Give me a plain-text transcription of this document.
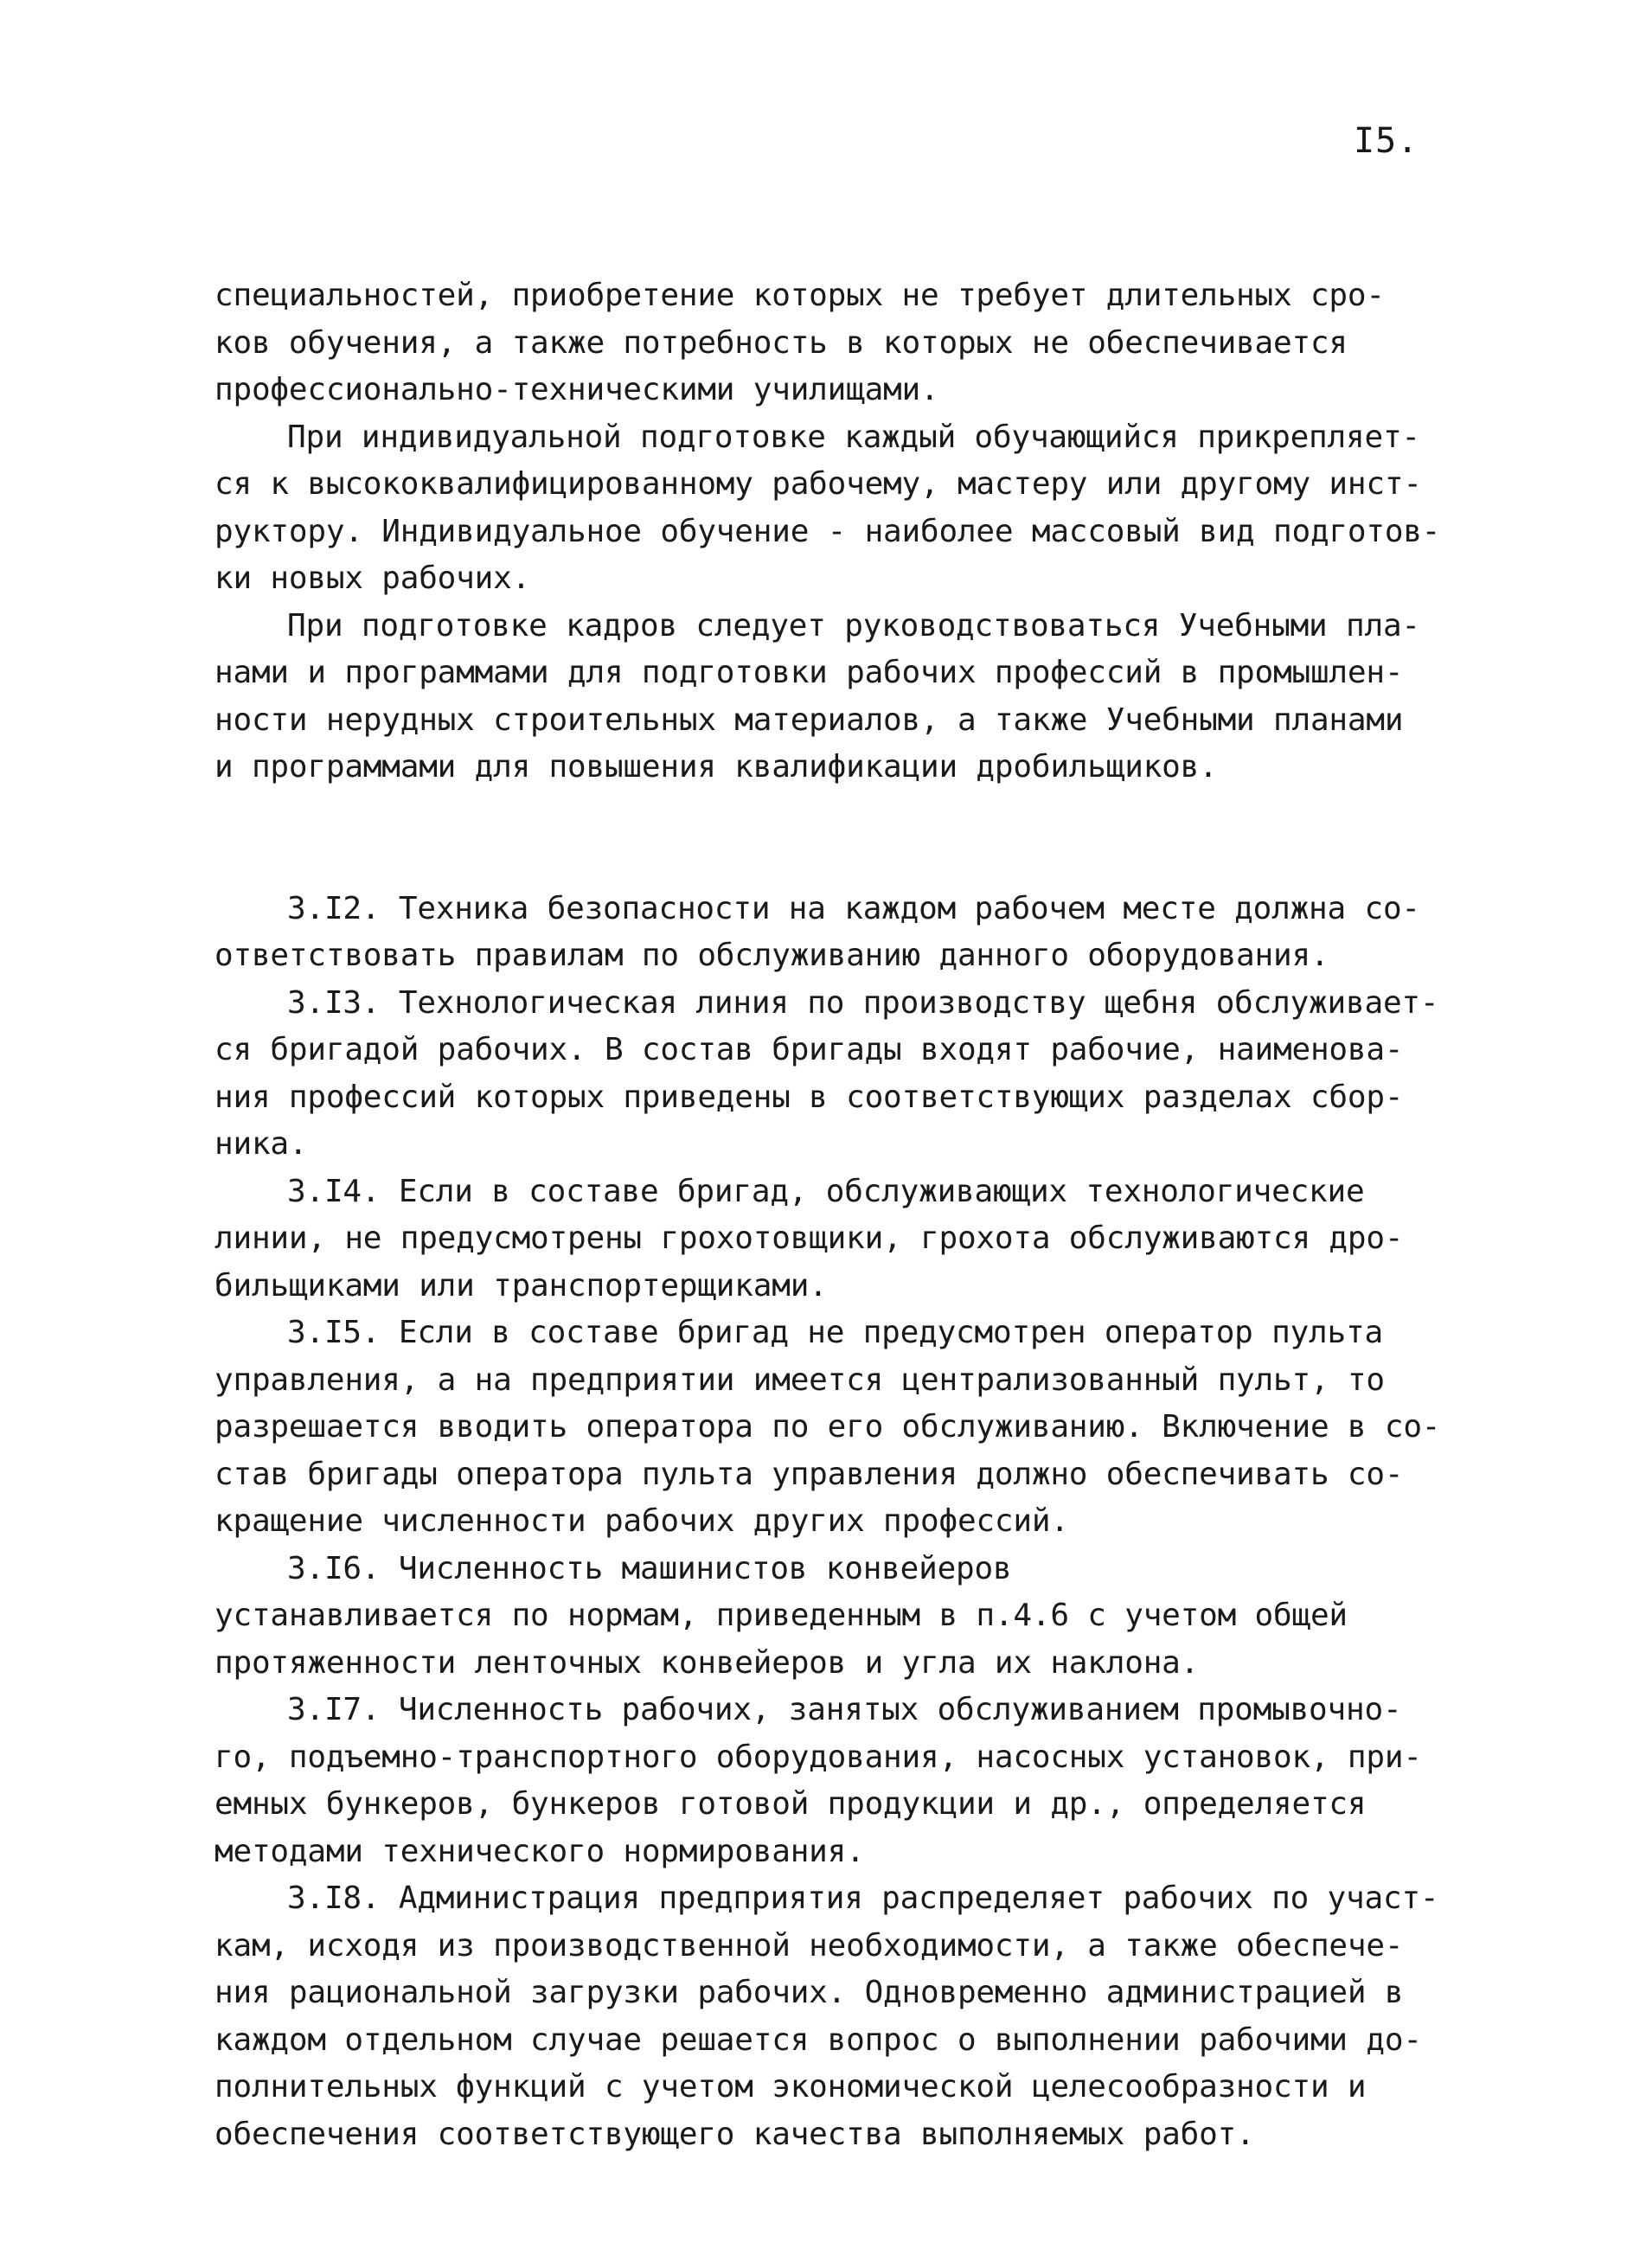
I5.
специальностей, приобретение которых не требует длительных сро-
ков обучения, а также потребность в которых не обеспечивается
профессионально-техническими училищами.
При индивидуальной подготовке каждый обучающийся прикрепляет-
ся к высококвалифицированному рабочему, мастеру или другому инст-
руктору. Индивидуальное обучение - наиболее массовый вид подготов-
ки новых рабочих.
При подготовке кадров следует руководствоваться Учебными пла-
нами и программами для подготовки рабочих профессий в промышлен-
ности нерудных строительных материалов, а также Учебными планами
и программами для повышения квалификации дробильщиков.
3.I2. Техника безопасности на каждом рабочем месте должна со-
ответствовать правилам по обслуживанию данного оборудования.
3.I3. Технологическая линия по производству щебня обслуживает-
ся бригадой рабочих. В состав бригады входят рабочие, наименова-
ния профессий которых приведены в соответствующих разделах сбор-
ника.
3.I4. Если в составе бригад, обслуживающих технологические
линии, не предусмотрены грохотовщики, грохота обслуживаются дро-
бильщиками или транспортерщиками.
3.I5. Если в составе бригад не предусмотрен оператор пульта
управления, а на предприятии имеется централизованный пульт, то
разрешается вводить оператора по его обслуживанию. Включение в со-
став бригады оператора пульта управления должно обеспечивать со-
кращение численности рабочих других профессий.
3.I6. Численность машинистов конвейеров
устанавливается по нормам, приведенным в п.4.6 с учетом общей
протяженности ленточных конвейеров и угла их наклона.
3.I7. Численность рабочих, занятых обслуживанием промывочно-
го, подъемно-транспортного оборудования, насосных установок, при-
емных бункеров, бункеров готовой продукции и др., определяется
методами технического нормирования.
3.I8. Администрация предприятия распределяет рабочих по участ-
кам, исходя из производственной необходимости, а также обеспече-
ния рациональной загрузки рабочих. Одновременно администрацией в
каждом отдельном случае решается вопрос о выполнении рабочими до-
полнительных функций с учетом экономической целесообразности и
обеспечения соответствующего качества выполняемых работ.
